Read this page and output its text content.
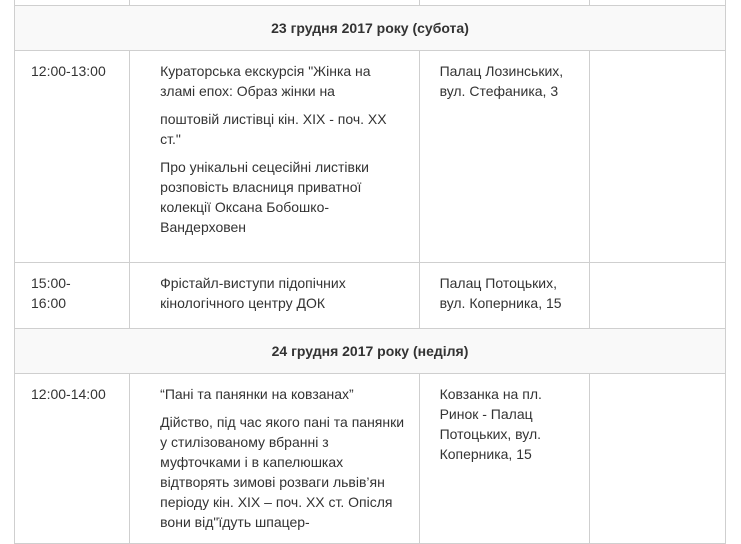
23 грудня 2017 року (субота)			
12:00-13:00	Кураторська екскурсія "Жінка на зламі епох: Образ жінки на

поштовій листівці кін. XIX - поч. XX ст."

Про унікальні сецесійні листівки розповість власниця приватної колекції Оксана Бобошко-Вандерховен	Палац Лозинських, вул. Стефаника, 3	
15:00-16:00	Фрістайл-виступи підопічних кінологічного центру ДОК	Палац Потоцьких, вул. Коперника, 15	
24 грудня 2017 року (неділя)			
12:00-14:00	“Пані та панянки на ковзанах”

Дійство, під час якого пані та панянки у стилізованому вбранні з муфточками і в капелюшках відтворять зимові розваги львів’ян періоду кін. XIX – поч. XX ст. Опісля вони від"їдуть шпацер-	Ковзанка на пл. Ринок - Палац Потоцьких, вул. Коперника, 15	
